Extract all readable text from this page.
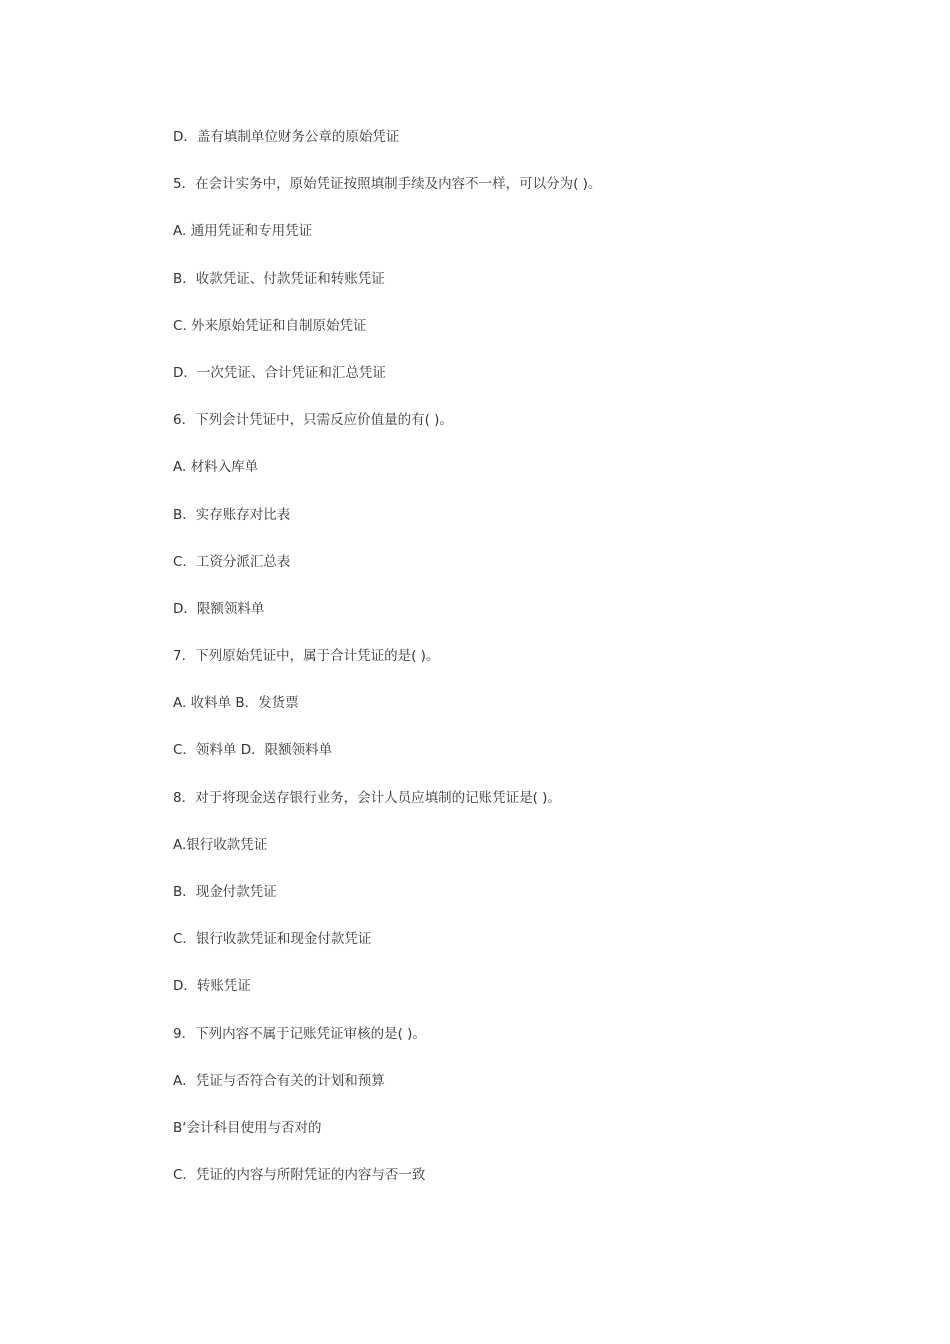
D．盖有填制单位财务公章的原始凭证
5．在会计实务中，原始凭证按照填制手续及内容不一样，可以分为( )。
A. 通用凭证和专用凭证
B．收款凭证、付款凭证和转账凭证
C. 外来原始凭证和自制原始凭证
D．一次凭证、合计凭证和汇总凭证
6．下列会计凭证中，只需反应价值量的有( )。
A. 材料入库单
B．实存账存对比表
C．工资分派汇总表
D．限额领料单
7．下列原始凭证中，属于合计凭证的是( )。
A. 收料单 B．发货票
C．领料单 D．限额领料单
8．对于将现金送存银行业务，会计人员应填制的记账凭证是( )。
A.银行收款凭证
B．现金付款凭证
C．银行收款凭证和现金付款凭证
D．转账凭证
9．下列内容不属于记账凭证审核的是( )。
A．凭证与否符合有关的计划和预算
B‘会计科目使用与否对的
C．凭证的内容与所附凭证的内容与否一致
